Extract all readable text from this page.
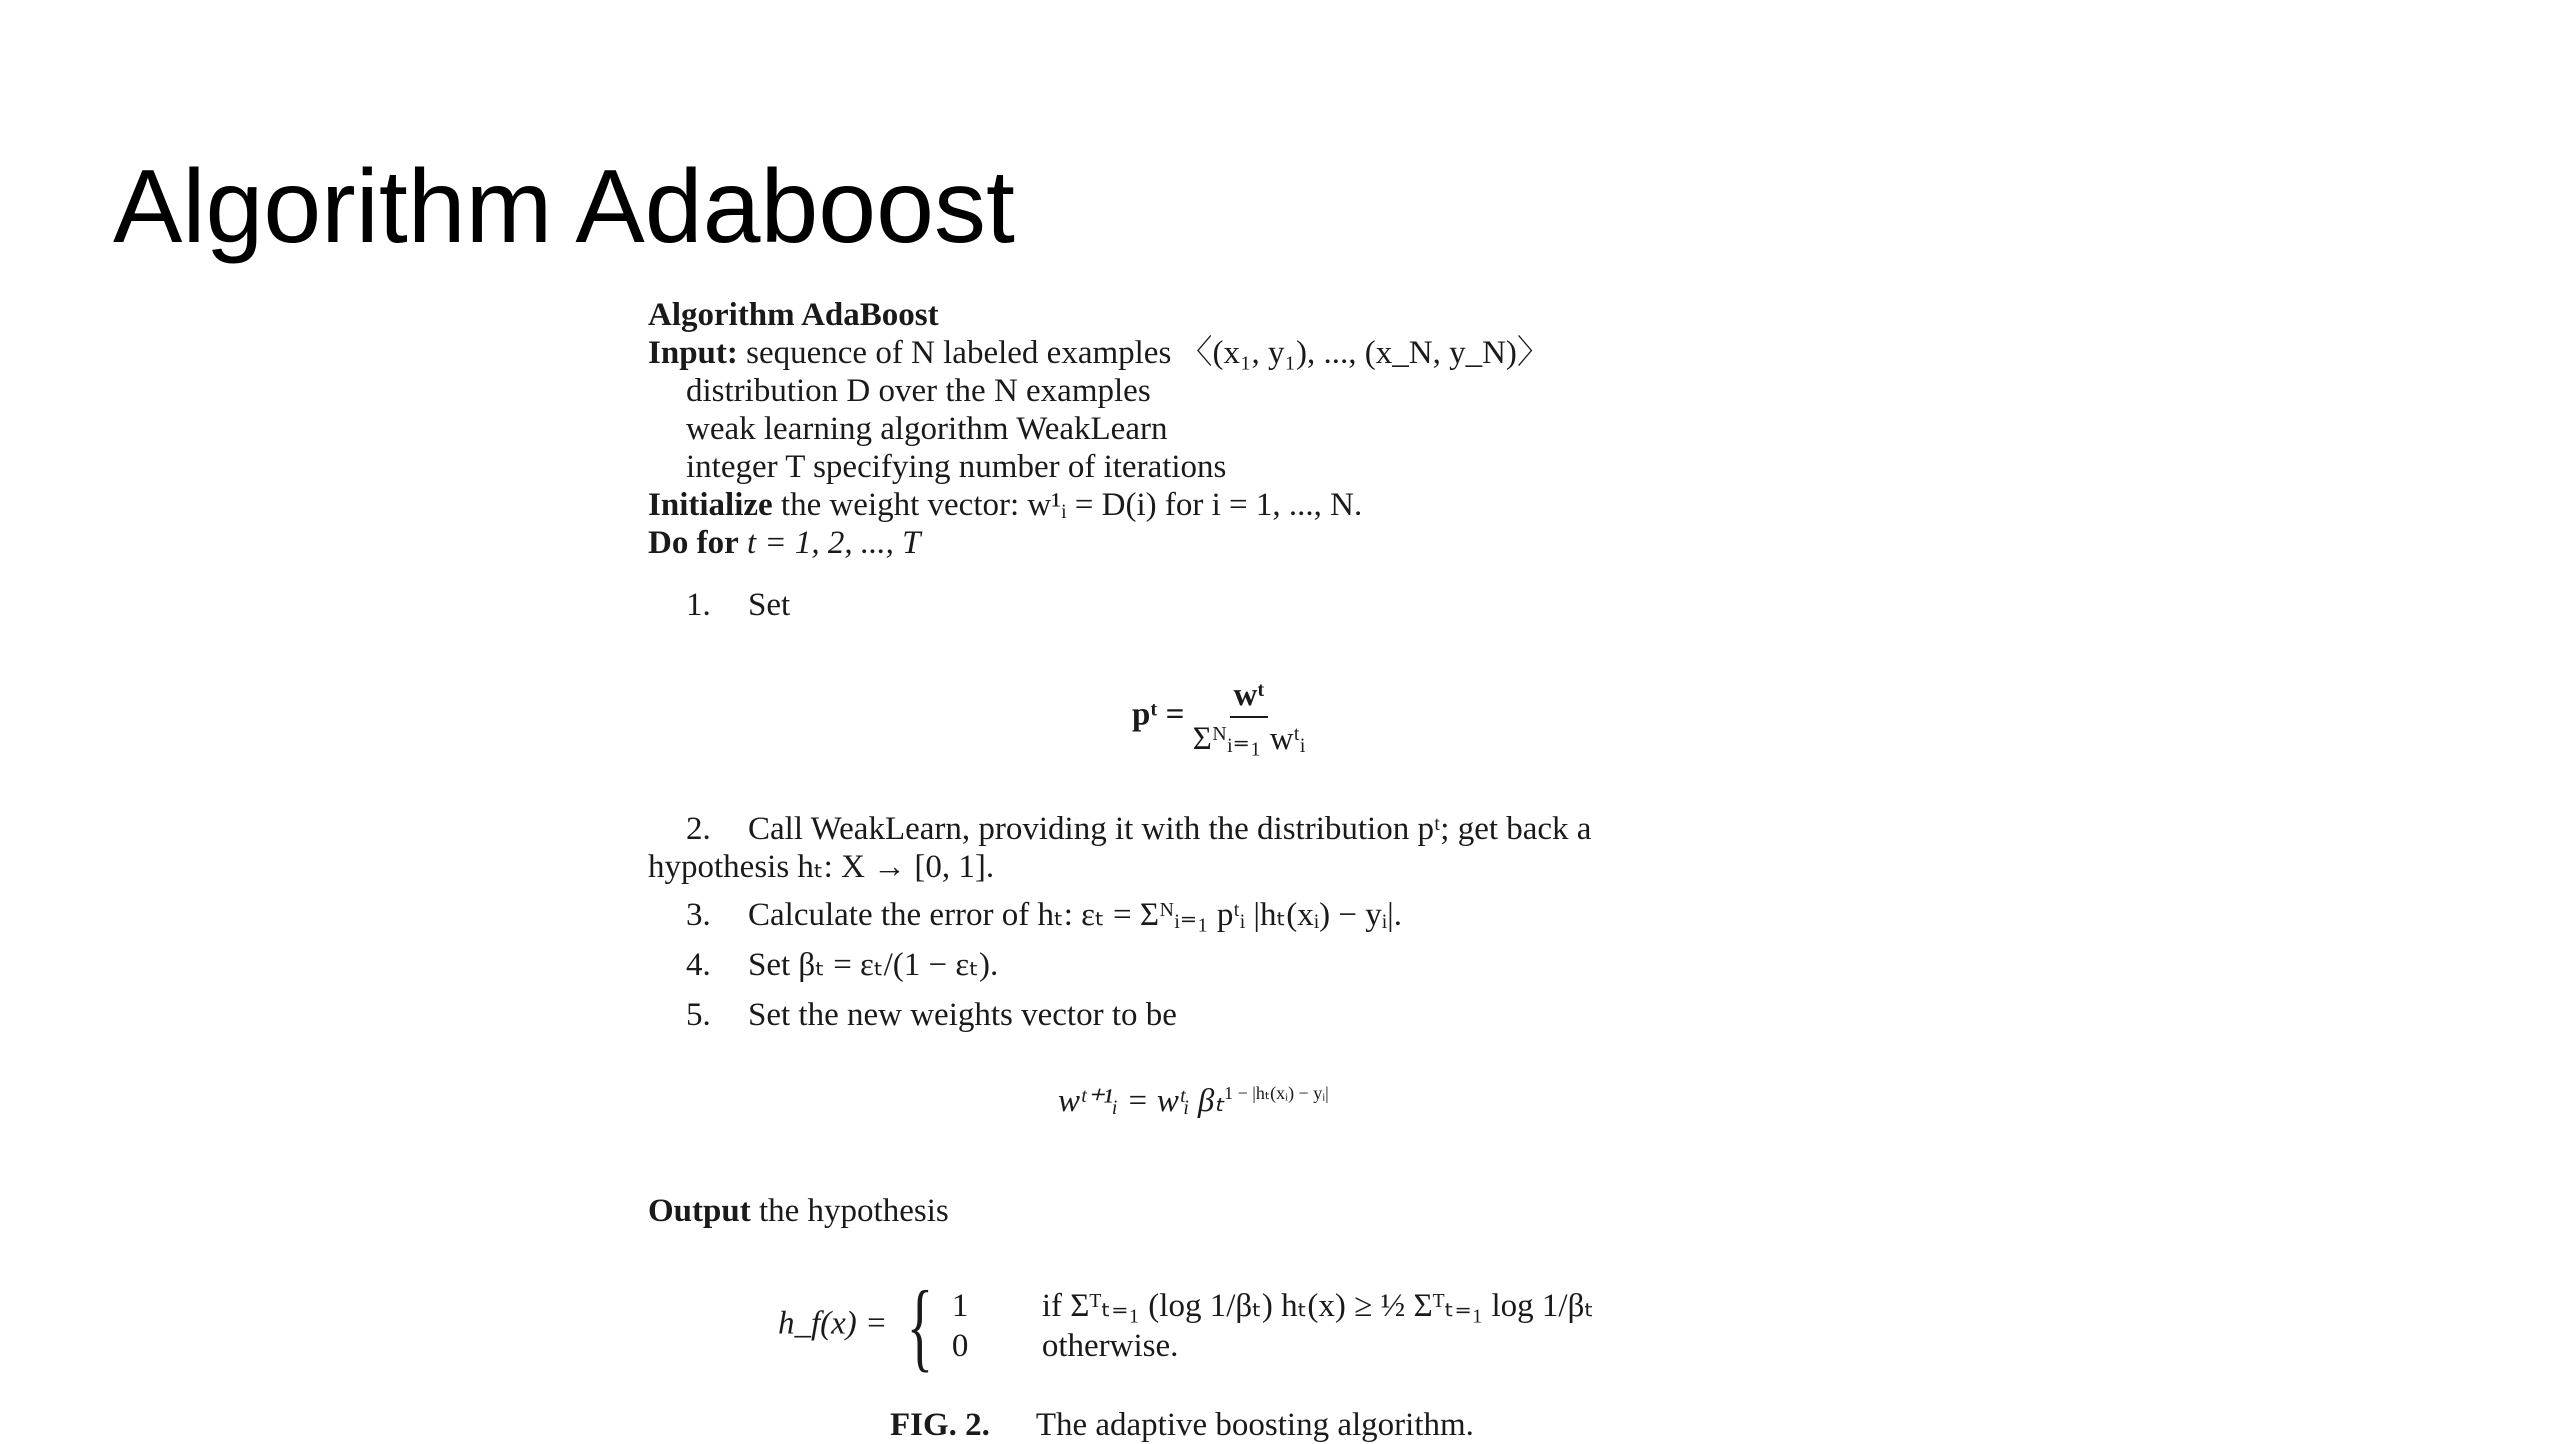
Algorithm Adaboost
Algorithm AdaBoost
Input: sequence of N labeled examples 〈(x₁, y₁), ..., (x_N, y_N)〉
distribution D over the N examples
weak learning algorithm WeakLearn
integer T specifying number of iterations
Initialize the weight vector: w¹ᵢ = D(i) for i = 1, ..., N.
Do for t = 1, 2, ..., T
1. Set
pᵗ = $\frac{\text{wᵗ}}{\text{Σᴺᵢ₌₁ wᵗᵢ}}$
2. Call WeakLearn, providing it with the distribution pᵗ; get back a
hypothesis hₜ: X → [0, 1].
3. Calculate the error of hₜ: εₜ = Σᴺᵢ₌₁ pᵗᵢ |hₜ(xᵢ) − yᵢ|.
4. Set βₜ = εₜ/(1 − εₜ).
5. Set the new weights vector to be
wᵗ⁺¹ᵢ = wᵗᵢ βₜ$^{1 - |h_t(xᵢ) - yᵢ|}$
Output the hypothesis
h_f(x) = { 1 if Σᵀₜ₌₁ (log 1/βₜ) hₜ(x) ≥ ½ Σᵀₜ₌₁ log 1/βₜ
0 otherwise.
FIG. 2. The adaptive boosting algorithm.
